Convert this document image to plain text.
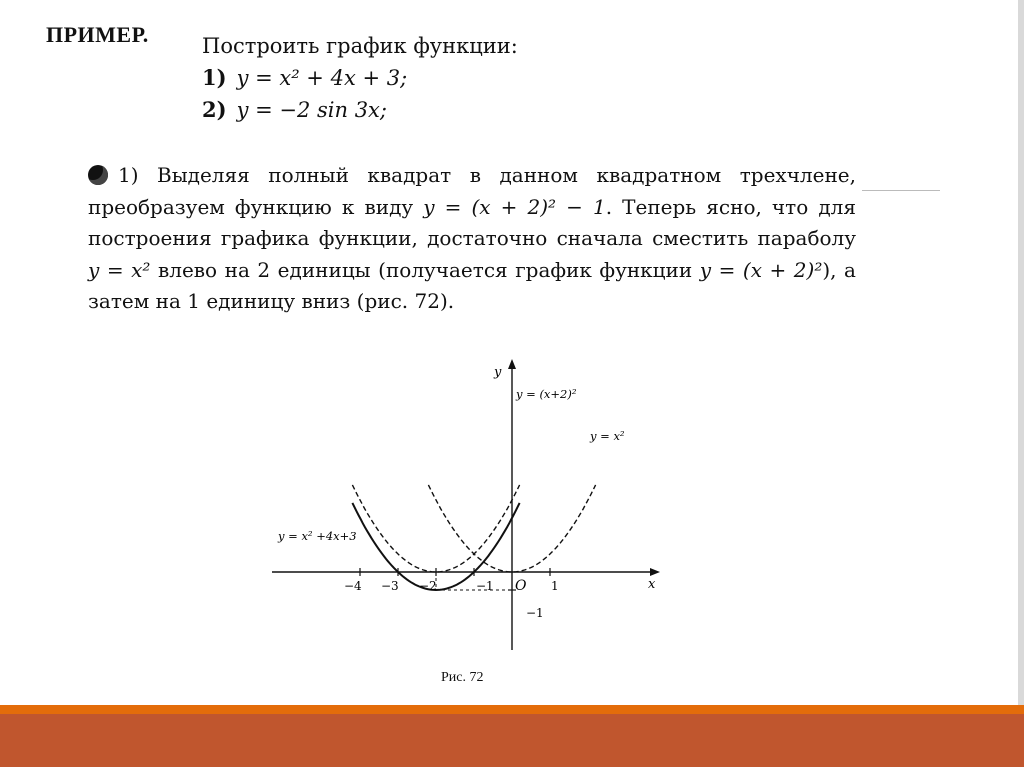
ПРИМЕР.	Построить график функции:
1) y = x² + 4x + 3;
2) y = −2 sin 3x;
1) Выделяя полный квадрат в данном квадратном трехчлене, преобразуем функцию к виду y = (x + 2)² − 1. Теперь ясно, что для построения графика функции, достаточно сначала сместить параболу y = x² влево на 2 единицы (получается график функции y = (x + 2)²), а затем на 1 единицу вниз (рис. 72).
x
y
O
−4 −3 −2	−1	1
−1
y = (x+2)²
y = x²
y = x² +4x+3
Рис. 72
